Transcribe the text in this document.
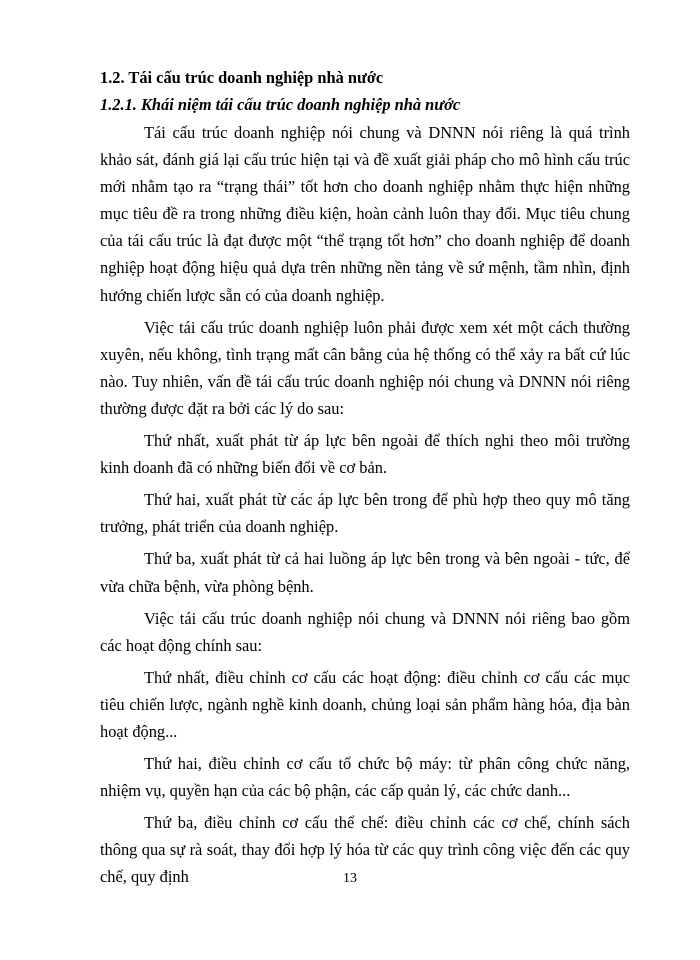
1.2. Tái cấu trúc doanh nghiệp nhà nước
1.2.1. Khái niệm tái cấu trúc doanh nghiệp nhà nước

Tái cấu trúc doanh nghiệp nói chung và DNNN nói riêng là quá trình khảo sát, đánh giá lại cấu trúc hiện tại và đề xuất giải pháp cho mô hình cấu trúc mới nhằm tạo ra “trạng thái” tốt hơn cho doanh nghiệp nhằm thực hiện những mục tiêu đề ra trong những điều kiện, hoàn cảnh luôn thay đổi. Mục tiêu chung của tái cấu trúc là đạt được một “thể trạng tốt hơn” cho doanh nghiệp để doanh nghiệp hoạt động hiệu quả dựa trên những nền tảng về sứ mệnh, tầm nhìn, định hướng chiến lược sẵn có của doanh nghiệp.

Việc tái cấu trúc doanh nghiệp luôn phải được xem xét một cách thường xuyên, nếu không, tình trạng mất cân bằng của hệ thống có thể xảy ra bất cứ lúc nào. Tuy nhiên, vấn đề tái cấu trúc doanh nghiệp nói chung và DNNN nói riêng thường được đặt ra bởi các lý do sau:

Thứ nhất, xuất phát từ áp lực bên ngoài để thích nghi theo môi trường kinh doanh đã có những biến đổi về cơ bản.

Thứ hai, xuất phát từ các áp lực bên trong để phù hợp theo quy mô tăng trưởng, phát triển của doanh nghiệp.

Thứ ba, xuất phát từ cả hai luồng áp lực bên trong và bên ngoài - tức, để vừa chữa bệnh, vừa phòng bệnh.

Việc tái cấu trúc doanh nghiệp nói chung và DNNN nói riêng bao gồm các hoạt động chính sau:

Thứ nhất, điều chỉnh cơ cấu các hoạt động: điều chỉnh cơ cấu các mục tiêu chiến lược, ngành nghề kinh doanh, chủng loại sản phẩm hàng hóa, địa bàn hoạt động...

Thứ hai, điều chỉnh cơ cấu tổ chức bộ máy: từ phân công chức năng, nhiệm vụ, quyền hạn của các bộ phận, các cấp quản lý, các chức danh...

Thứ ba, điều chỉnh cơ cấu thể chế: điều chỉnh các cơ chế, chính sách thông qua sự rà soát, thay đổi hợp lý hóa từ các quy trình công việc đến các quy chế, quy định	13
